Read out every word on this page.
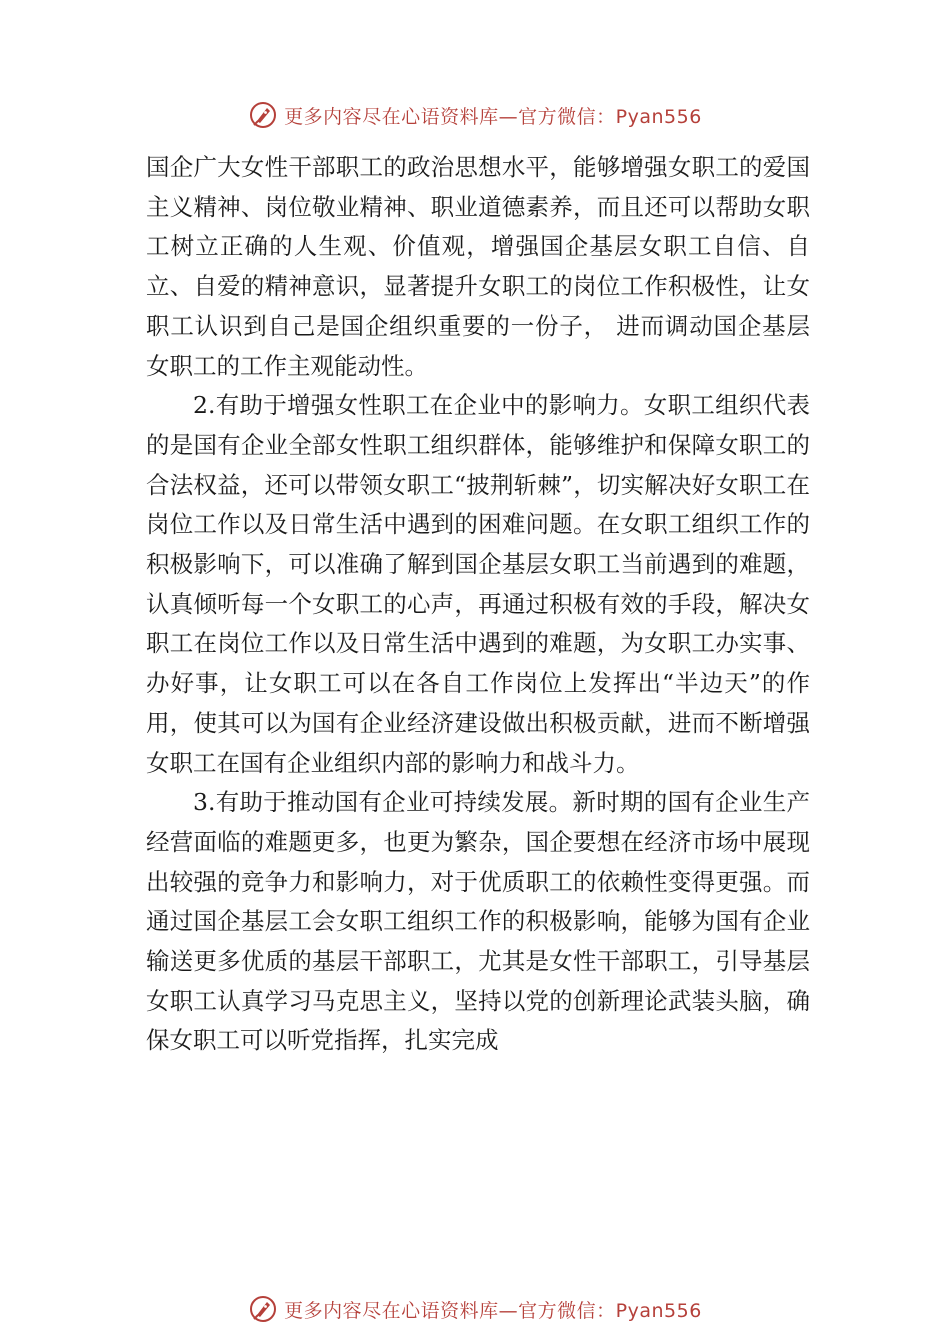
更多内容尽在心语资料库—官方微信：Pyan556

国企广大女性干部职工的政治思想水平，能够增强女职工的爱国主义精神、岗位敬业精神、职业道德素养，而且还可以帮助女职工树立正确的人生观、价值观，增强国企基层女职工自信、自立、自爱的精神意识，显著提升女职工的岗位工作积极性，让女职工认识到自己是国企组织重要的一份子， 进而调动国企基层女职工的工作主观能动性。

2.有助于增强女性职工在企业中的影响力。女职工组织代表的是国有企业全部女性职工组织群体，能够维护和保障女职工的合法权益，还可以带领女职工“披荆斩棘”，切实解决好女职工在岗位工作以及日常生活中遇到的困难问题。在女职工组织工作的积极影响下，可以准确了解到国企基层女职工当前遇到的难题，认真倾听每一个女职工的心声，再通过积极有效的手段，解决女职工在岗位工作以及日常生活中遇到的难题，为女职工办实事、办好事，让女职工可以在各自工作岗位上发挥出“半边天”的作用，使其可以为国有企业经济建设做出积极贡献，进而不断增强女职工在国有企业组织内部的影响力和战斗力。

3.有助于推动国有企业可持续发展。新时期的国有企业生产经营面临的难题更多，也更为繁杂，国企要想在经济市场中展现出较强的竞争力和影响力，对于优质职工的依赖性变得更强。而通过国企基层工会女职工组织工作的积极影响，能够为国有企业输送更多优质的基层干部职工，尤其是女性干部职工，引导基层女职工认真学习马克思主义，坚持以党的创新理论武装头脑，确保女职工可以听党指挥，扎实完成

更多内容尽在心语资料库—官方微信：Pyan556
